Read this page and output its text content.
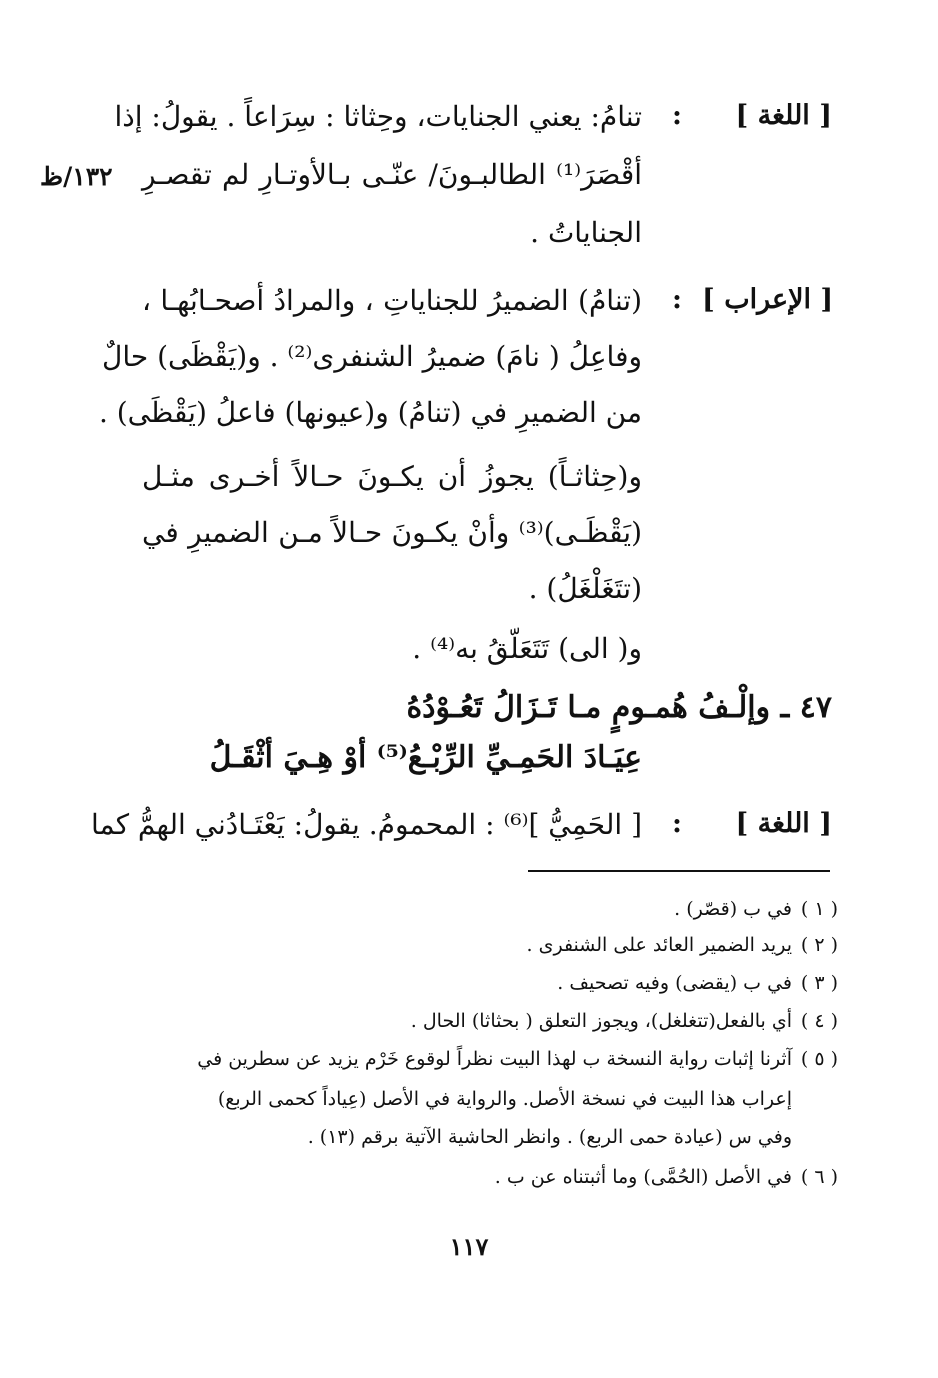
[ اللغة ]
:
تنامُ: يعني الجنايات، وحِثاثا : سِرَاعاً . يقولُ: إذا
أقْصَرَ⁽¹⁾ الطالبـونَ/ عنّـى بـالأوتـارِ لم تقصـرِ
الجناياتُ .
١٣٢/ظ
[ الإعراب ]
:
(تنامُ) الضميرُ للجناياتِ ، والمرادُ أصحـابُهـا ،
وفاعِلُ ( نامَ) ضميرُ الشنفرى⁽²⁾ . و(يَقْظَى) حالٌ
من الضميرِ في (تنامُ) و(عيونها) فاعلُ (يَقْظَى) .
و(حِثاثـاً) يجوزُ أن يكـونَ حـالاً أخـرى مثـل
(يَقْظَـى)⁽³⁾ وأنْ يكـونَ حـالاً مـن الضميرِ في
(تتَغَلْغَلُ) .
و( الى) تَتَعَلّقُ به⁽⁴⁾ .
٤٧ ـ وإلْـفُ هُمـومٍ مـا تَـزَالُ تَعُـوْدُهُ
عِيَـادَ الحَمِـيِّ الرِّبْـعُ⁽⁵⁾ أوْ هِـيَ أثْقَـلُ
[ اللغة ]
:
[ الحَمِيُّ ]⁽⁶⁾ : المحمومُ. يقولُ: يَعْتَـادُني الهمُّ كما
( ١ )
في ب (قصّر) .
( ٢ )
يريد الضمير العائد على الشنفرى .
( ٣ )
في ب (يقضى) وفيه تصحيف .
( ٤ )
أي بالفعل(تتغلغل)، ويجوز التعلق ( بحثاثا) الحال .
( ٥ )
آثرنا إثبات رواية النسخة ب لهذا البيت نظراً لوقوع خَرْم يزيد عن سطرين في
إعراب هذا البيت في نسخة الأصل. والرواية في الأصل (عِياداً كحمى الربع)
وفي س (عيادة حمى الربع) . وانظر الحاشية الآتية برقم (١٣) .
( ٦ )
في الأصل (الحُمَّى) وما أثبتناه عن ب .
١١٧
